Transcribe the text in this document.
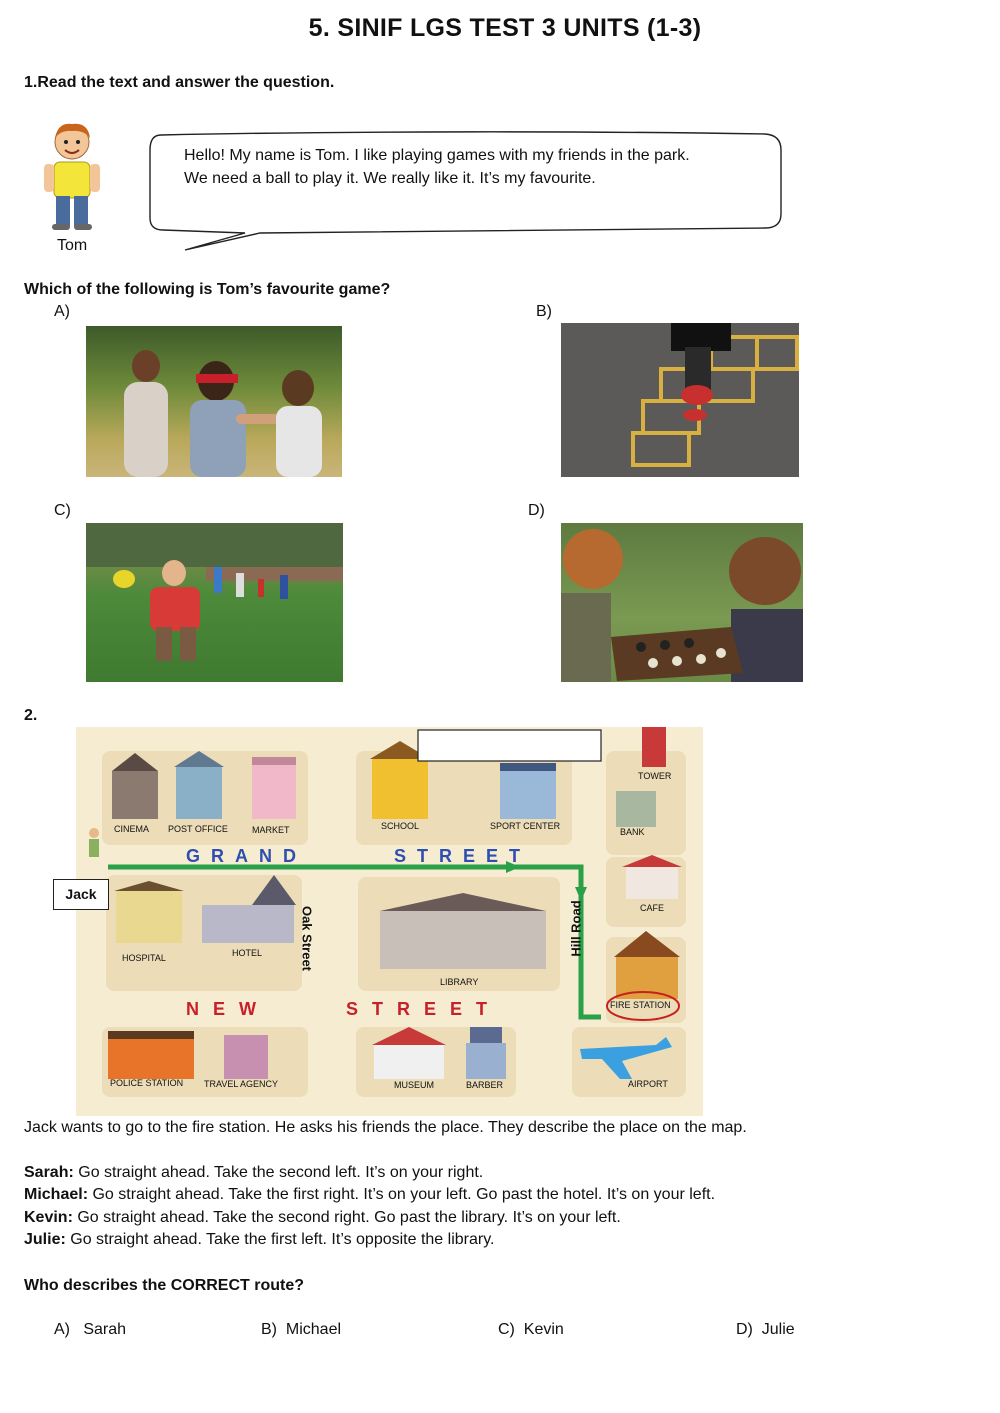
5. SINIF LGS TEST 3 UNITS (1-3)
1.Read the text and answer the question.
Tom
Hello! My name is Tom. I like playing games with my friends in the park.
We need a ball to play it. We really like it. It’s my favourite.
Which of the following is Tom’s favourite game?
A)	B)
C)	D)
2.
GRAND	STREET
NEW	STREET
Oak Street	Hill Road
CINEMA POST OFFICE	MARKET	SCHOOL	SPORT CENTER
TOWER
BANK
HOSPITAL	HOTEL
LIBRARY
CAFE
FIRE STATION
POLICE STATION TRAVEL AGENCY	MUSEUM	BARBER	AIRPORT
Jack
Jack wants to go to the fire station. He asks his friends the place. They describe the place on the map.
Sarah: Go straight ahead. Take the second left. It’s on your right.
Michael: Go straight ahead. Take the first right. It’s on your left. Go past the hotel. It’s on your left.
Kevin: Go straight ahead. Take the second right. Go past the library. It’s on your left.
Julie: Go straight ahead. Take the first left. It’s opposite the library.
Who describes the CORRECT route?
A)   Sarah	B)  Michael	C)  Kevin	D)  Julie
